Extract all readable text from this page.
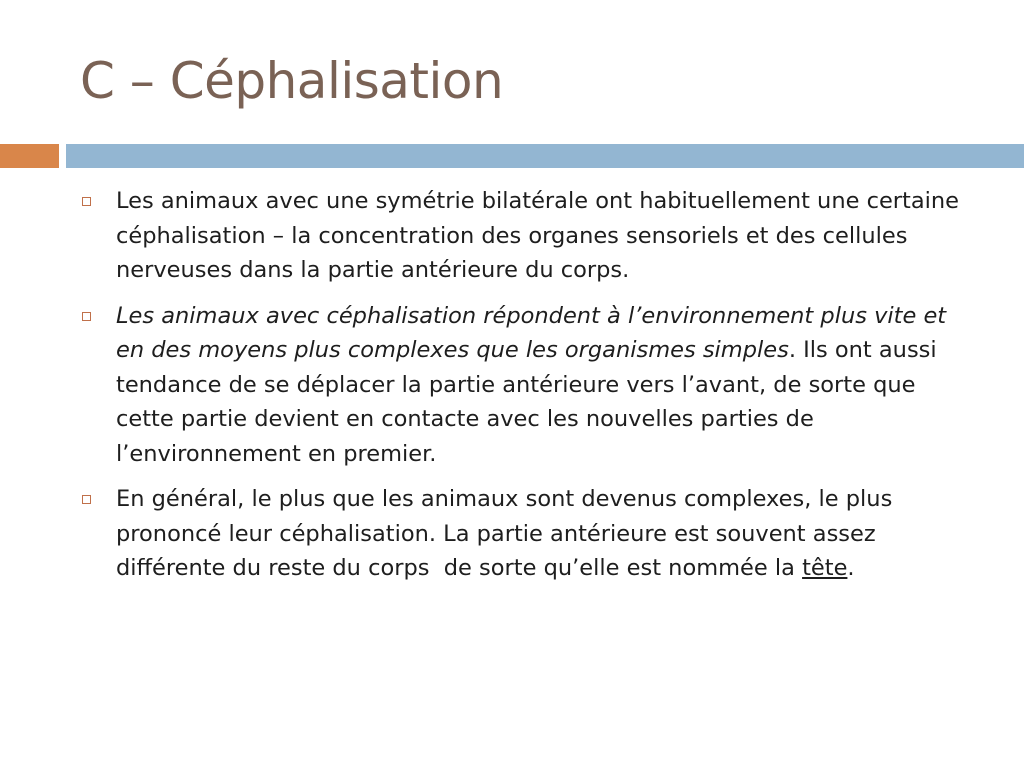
C – Céphalisation
Les animaux avec une symétrie bilatérale ont habituellement une certaine céphalisation – la concentration des organes sensoriels et des cellules nerveuses dans la partie antérieure du corps.
Les animaux avec céphalisation répondent à l’environnement plus vite et en des moyens plus complexes que les organismes simples. Ils ont aussi tendance de se déplacer la partie antérieure vers l’avant, de sorte que cette partie devient en contacte avec les nouvelles parties de l’environnement en premier.
En général, le plus que les animaux sont devenus complexes, le plus prononcé leur céphalisation. La partie antérieure est souvent assez différente du reste du corps  de sorte qu’elle est nommée la tête.
